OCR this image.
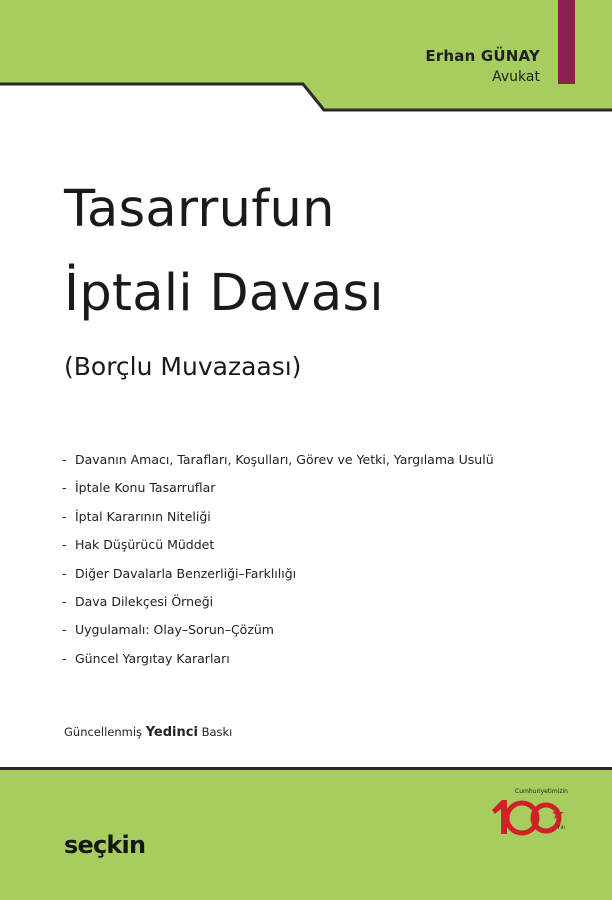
Erhan GÜNAY
Avukat
Tasarrufun
İptali Davası
(Borçlu Muvazaası)
- Davanın Amacı, Tarafları, Koşulları, Görev ve Yetki, Yargılama Usulü
- İptale Konu Tasarruflar
- İptal Kararının Niteliği
- Hak Düşürücü Müddet
- Diğer Davalarla Benzerliği–Farklılığı
- Dava Dilekçesi Örneği
- Uygulamalı: Olay–Sorun–Çözüm
- Güncel Yargıtay Kararları
Güncellenmiş Yedinci Baskı
seçkin
Cumhuriyetimizin
Yılı
